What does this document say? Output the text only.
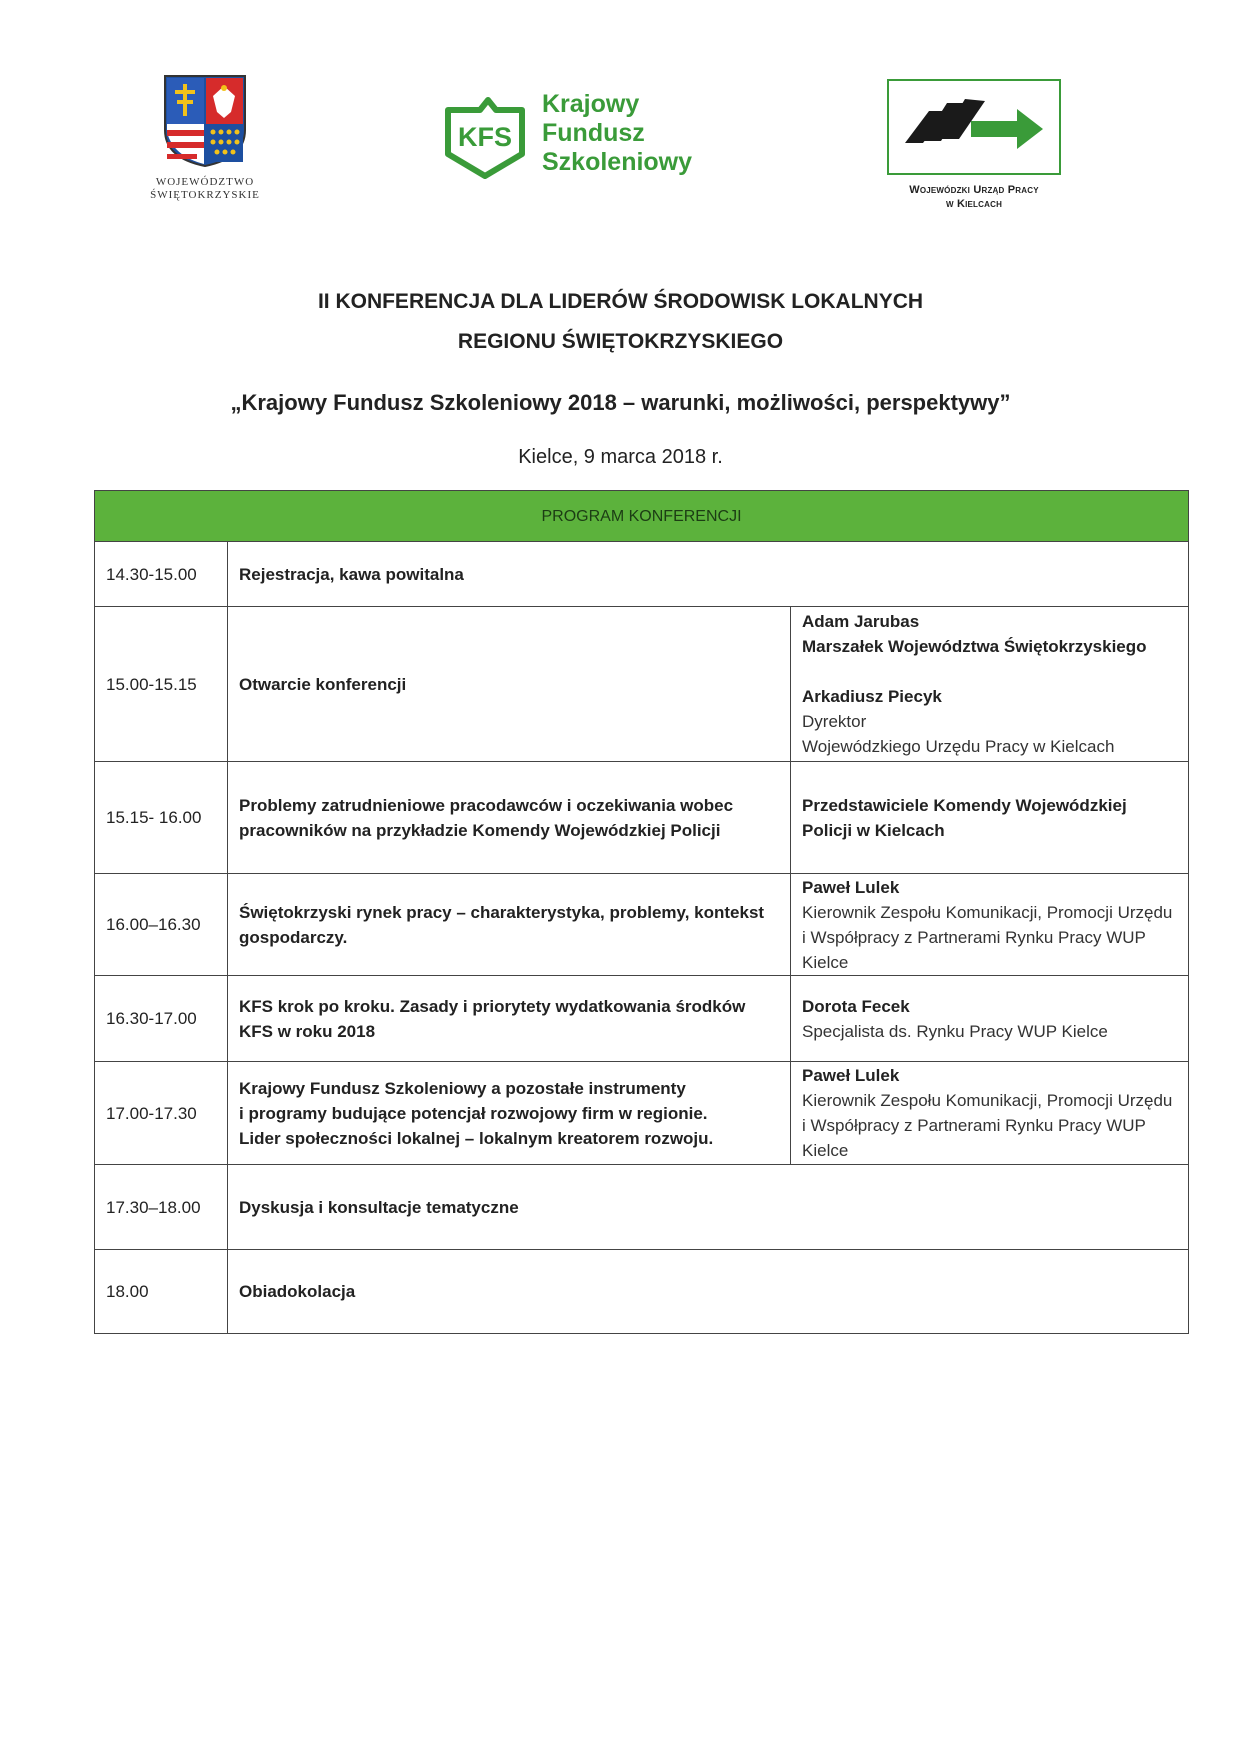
WOJEWÓDZTWO
ŚWIĘTOKRZYSKIE
KFS
Krajowy
Fundusz
Szkoleniowy
Wojewódzki Urząd Pracy
w Kielcach
II KONFERENCJA DLA LIDERÓW ŚRODOWISK LOKALNYCH
REGIONU ŚWIĘTOKRZYSKIEGO
„Krajowy Fundusz Szkoleniowy 2018 – warunki, możliwości, perspektywy”
Kielce, 9 marca 2018 r.
PROGRAM KONFERENCJI		
14.30-15.00	Rejestracja, kawa powitalna	
15.00-15.15	Otwarcie konferencji	Adam Jarubas
Marszałek Województwa Świętokrzyskiego
Arkadiusz Piecyk
Dyrektor
Wojewódzkiego Urzędu Pracy w Kielcach

15.15- 16.00	Problemy zatrudnieniowe pracodawców i oczekiwania wobec pracowników na przykładzie Komendy Wojewódzkiej Policji	Przedstawiciele Komendy Wojewódzkiej Policji w Kielcach

16.00–16.30	Świętokrzyski rynek pracy – charakterystyka, problemy, kontekst gospodarczy.	Paweł Lulek
Kierownik Zespołu Komunikacji, Promocji Urzędu i Współpracy z Partnerami Rynku Pracy WUP Kielce

16.30-17.00	KFS krok po kroku. Zasady i priorytety wydatkowania środków KFS w roku 2018	Dorota Fecek
Specjalista ds. Rynku Pracy WUP Kielce

17.00-17.30	Krajowy Fundusz Szkoleniowy a pozostałe instrumenty
i programy budujące potencjał rozwojowy firm w regionie.
Lider społeczności lokalnej – lokalnym kreatorem rozwoju.	Paweł Lulek
Kierownik Zespołu Komunikacji, Promocji Urzędu i Współpracy z Partnerami Rynku Pracy WUP Kielce

17.30–18.00	Dyskusja i konsultacje tematyczne	
18.00	Obiadokolacja	
